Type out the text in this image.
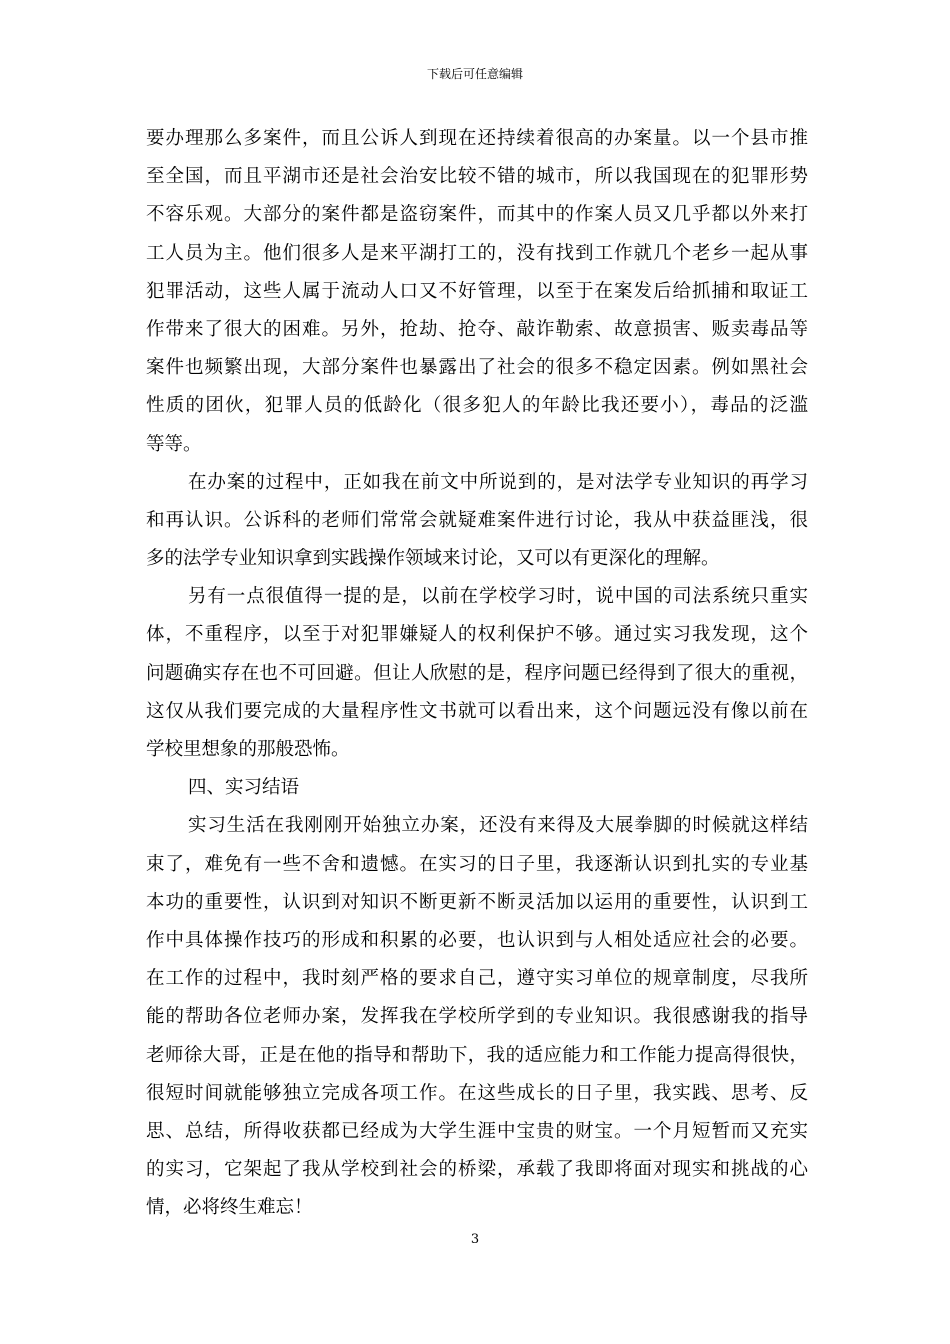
下载后可任意编辑
要办理那么多案件，而且公诉人到现在还持续着很高的办案量。以一个县市推
至全国，而且平湖市还是社会治安比较不错的城市，所以我国现在的犯罪形势
不容乐观。大部分的案件都是盗窃案件，而其中的作案人员又几乎都以外来打
工人员为主。他们很多人是来平湖打工的，没有找到工作就几个老乡一起从事
犯罪活动，这些人属于流动人口又不好管理，以至于在案发后给抓捕和取证工
作带来了很大的困难。另外，抢劫、抢夺、敲诈勒索、故意损害、贩卖毒品等
案件也频繁出现，大部分案件也暴露出了社会的很多不稳定因素。例如黑社会
性质的团伙，犯罪人员的低龄化（很多犯人的年龄比我还要小），毒品的泛滥
等等。
在办案的过程中，正如我在前文中所说到的，是对法学专业知识的再学习
和再认识。公诉科的老师们常常会就疑难案件进行讨论，我从中获益匪浅，很
多的法学专业知识拿到实践操作领域来讨论，又可以有更深化的理解。
另有一点很值得一提的是，以前在学校学习时，说中国的司法系统只重实
体，不重程序，以至于对犯罪嫌疑人的权利保护不够。通过实习我发现，这个
问题确实存在也不可回避。但让人欣慰的是，程序问题已经得到了很大的重视，
这仅从我们要完成的大量程序性文书就可以看出来，这个问题远没有像以前在
学校里想象的那般恐怖。
四、实习结语
实习生活在我刚刚开始独立办案，还没有来得及大展拳脚的时候就这样结
束了，难免有一些不舍和遗憾。在实习的日子里，我逐渐认识到扎实的专业基
本功的重要性，认识到对知识不断更新不断灵活加以运用的重要性，认识到工
作中具体操作技巧的形成和积累的必要，也认识到与人相处适应社会的必要。
在工作的过程中，我时刻严格的要求自己，遵守实习单位的规章制度，尽我所
能的帮助各位老师办案，发挥我在学校所学到的专业知识。我很感谢我的指导
老师徐大哥，正是在他的指导和帮助下，我的适应能力和工作能力提高得很快，
很短时间就能够独立完成各项工作。在这些成长的日子里，我实践、思考、反
思、总结，所得收获都已经成为大学生涯中宝贵的财宝。一个月短暂而又充实
的实习，它架起了我从学校到社会的桥梁，承载了我即将面对现实和挑战的心
情，必将终生难忘！
3
